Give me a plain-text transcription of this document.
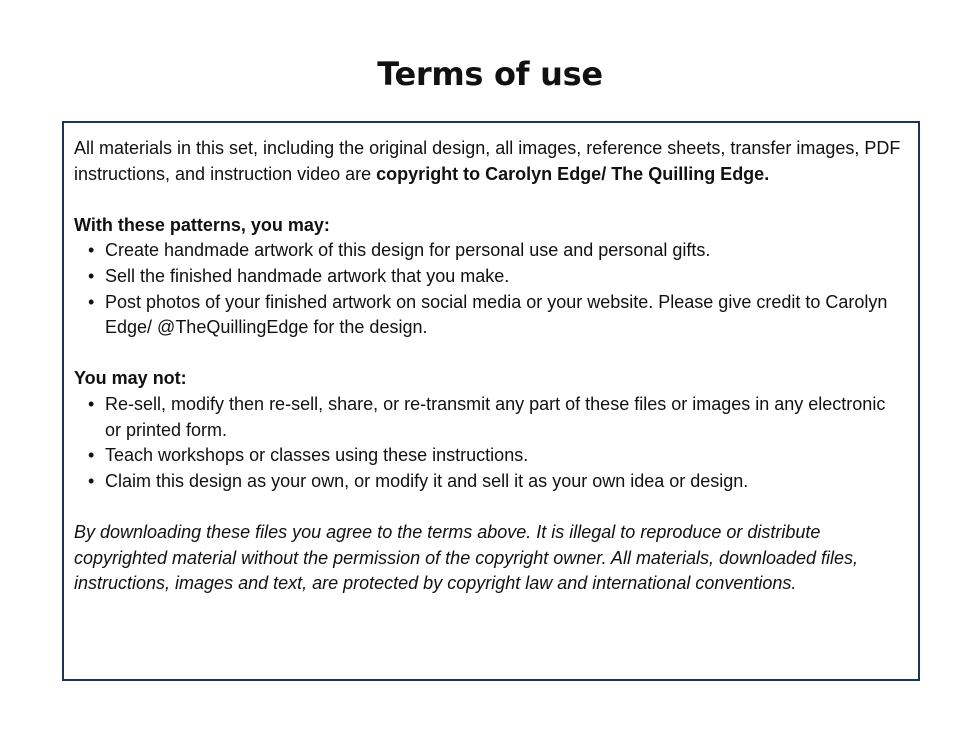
Terms of use

All materials in this set, including the original design, all images, reference sheets, transfer images, PDF instructions, and instruction video are copyright to Carolyn Edge/ The Quilling Edge.

With these patterns, you may:

• Create handmade artwork of this design for personal use and personal gifts.
• Sell the finished handmade artwork that you make.
• Post photos of your finished artwork on social media or your website. Please give credit to Carolyn Edge/ @TheQuillingEdge for the design.

You may not:

• Re-sell, modify then re-sell, share, or re-transmit any part of these files or images in any electronic or printed form.
• Teach workshops or classes using these instructions.
• Claim this design as your own, or modify it and sell it as your own idea or design.

By downloading these files you agree to the terms above. It is illegal to reproduce or distribute copyrighted material without the permission of the copyright owner. All materials, downloaded files, instructions, images and text, are protected by copyright law and international conventions.
